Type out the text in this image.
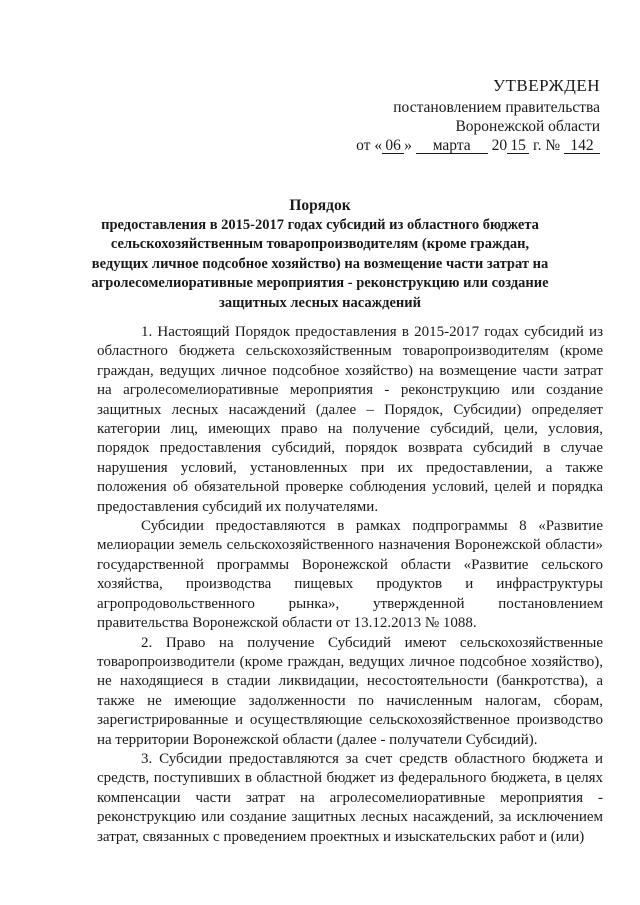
УТВЕРЖДЕН
постановлением правительства
Воронежской области
от « 06 » марта 20 15 г. № 142
Порядок
предоставления в 2015-2017 годах субсидий из областного бюджета сельскохозяйственным товаропроизводителям (кроме граждан, ведущих личное подсобное хозяйство) на возмещение части затрат на агролесомелиоративные мероприятия - реконструкцию или создание защитных лесных насаждений

1. Настоящий Порядок предоставления в 2015-2017 годах субсидий из областного бюджета сельскохозяйственным товаропроизводителям (кроме граждан, ведущих личное подсобное хозяйство) на возмещение части затрат на агролесомелиоративные мероприятия - реконструкцию или создание защитных лесных насаждений (далее – Порядок, Субсидии) определяет категории лиц, имеющих право на получение субсидий, цели, условия, порядок предоставления субсидий, порядок возврата субсидий в случае нарушения условий, установленных при их предоставлении, а также положения об обязательной проверке соблюдения условий, целей и порядка предоставления субсидий их получателями.

Субсидии предоставляются в рамках подпрограммы 8 «Развитие мелиорации земель сельскохозяйственного назначения Воронежской области» государственной программы Воронежской области «Развитие сельского хозяйства, производства пищевых продуктов и инфраструктуры агропродовольственного рынка», утвержденной постановлением правительства Воронежской области от 13.12.2013 № 1088.

2. Право на получение Субсидий имеют сельскохозяйственные товаропроизводители (кроме граждан, ведущих личное подсобное хозяйство), не находящиеся в стадии ликвидации, несостоятельности (банкротства), а также не имеющие задолженности по начисленным налогам, сборам, зарегистрированные и осуществляющие сельскохозяйственное производство на территории Воронежской области (далее - получатели Субсидий).

3. Субсидии предоставляются за счет средств областного бюджета и средств, поступивших в областной бюджет из федерального бюджета, в целях компенсации части затрат на агролесомелиоративные мероприятия - реконструкцию или создание защитных лесных насаждений, за исключением затрат, связанных с проведением проектных и изыскательских работ и (или)
